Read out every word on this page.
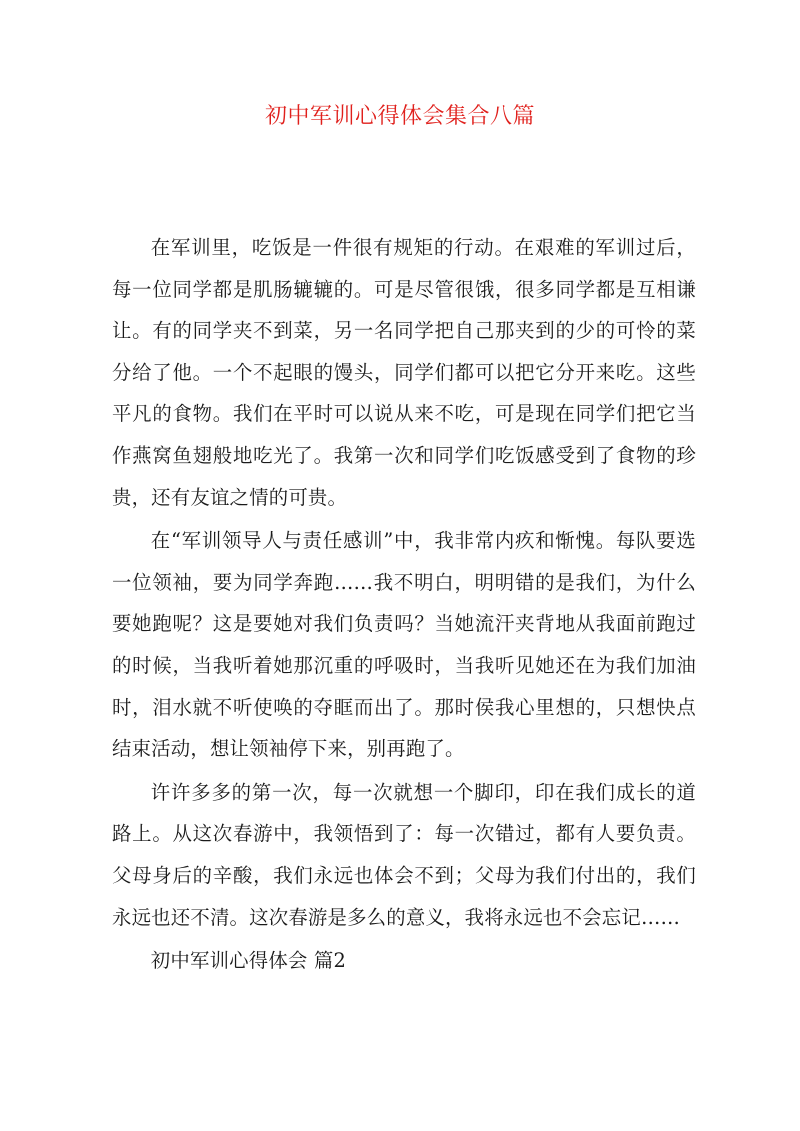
初中军训心得体会集合八篇

在军训里，吃饭是一件很有规矩的行动。在艰难的军训过后，每一位同学都是肌肠辘辘的。可是尽管很饿，很多同学都是互相谦让。有的同学夹不到菜，另一名同学把自己那夹到的少的可怜的菜分给了他。一个不起眼的馒头，同学们都可以把它分开来吃。这些平凡的食物。我们在平时可以说从来不吃，可是现在同学们把它当作燕窝鱼翅般地吃光了。我第一次和同学们吃饭感受到了食物的珍贵，还有友谊之情的可贵。

在“军训领导人与责任感训”中，我非常内疚和惭愧。每队要选一位领袖，要为同学奔跑……我不明白，明明错的是我们，为什么要她跑呢？这是要她对我们负责吗？当她流汗夹背地从我面前跑过的时候，当我听着她那沉重的呼吸时，当我听见她还在为我们加油时，泪水就不听使唤的夺眶而出了。那时侯我心里想的，只想快点结束活动，想让领袖停下来，别再跑了。

许许多多的第一次，每一次就想一个脚印，印在我们成长的道路上。从这次春游中，我领悟到了：每一次错过，都有人要负责。父母身后的辛酸，我们永远也体会不到；父母为我们付出的，我们永远也还不清。这次春游是多么的意义，我将永远也不会忘记……

初中军训心得体会 篇2
